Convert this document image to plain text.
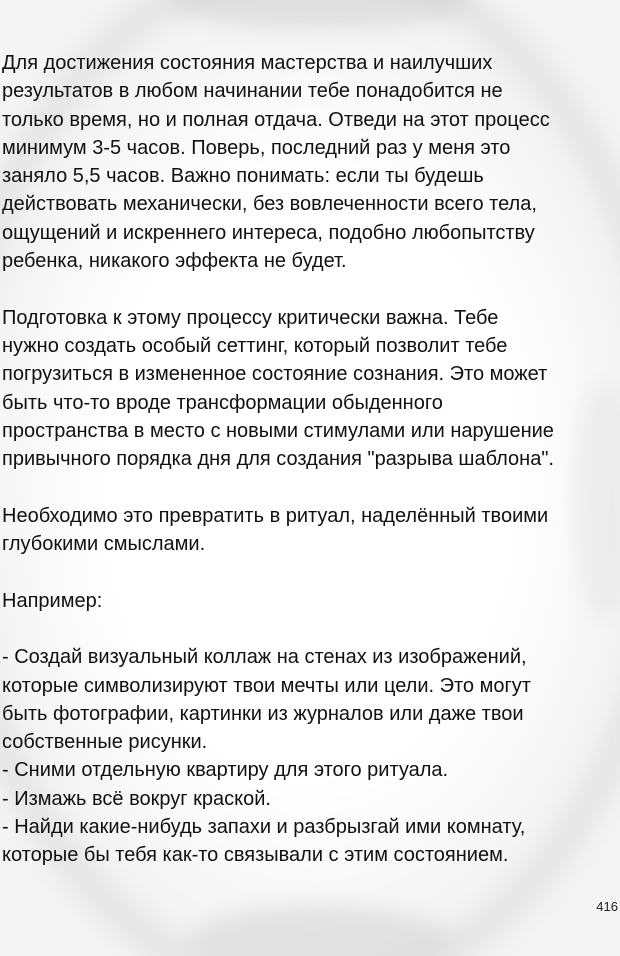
Для достижения состояния мастерства и наилучших
результатов в любом начинании тебе понадобится не
только время, но и полная отдача. Отведи на этот процесс
минимум 3-5 часов. Поверь, последний раз у меня это
заняло 5,5 часов. Важно понимать: если ты будешь
действовать механически, без вовлеченности всего тела,
ощущений и искреннего интереса, подобно любопытству
ребенка, никакого эффекта не будет.

Подготовка к этому процессу критически важна. Тебе
нужно создать особый сеттинг, который позволит тебе
погрузиться в измененное состояние сознания. Это может
быть что-то вроде трансформации обыденного
пространства в место с новыми стимулами или нарушение
привычного порядка дня для создания "разрыва шаблона".

Необходимо это превратить в ритуал, наделённый твоими
глубокими смыслами.

Например:

- Создай визуальный коллаж на стенах из изображений,
которые символизируют твои мечты или цели. Это могут
быть фотографии, картинки из журналов или даже твои
собственные рисунки.
- Сними отдельную квартиру для этого ритуала.
- Измажь всё вокруг краской.
- Найди какие-нибудь запахи и разбрызгай ими комнату,
которые бы тебя как-то связывали с этим состоянием.

416
